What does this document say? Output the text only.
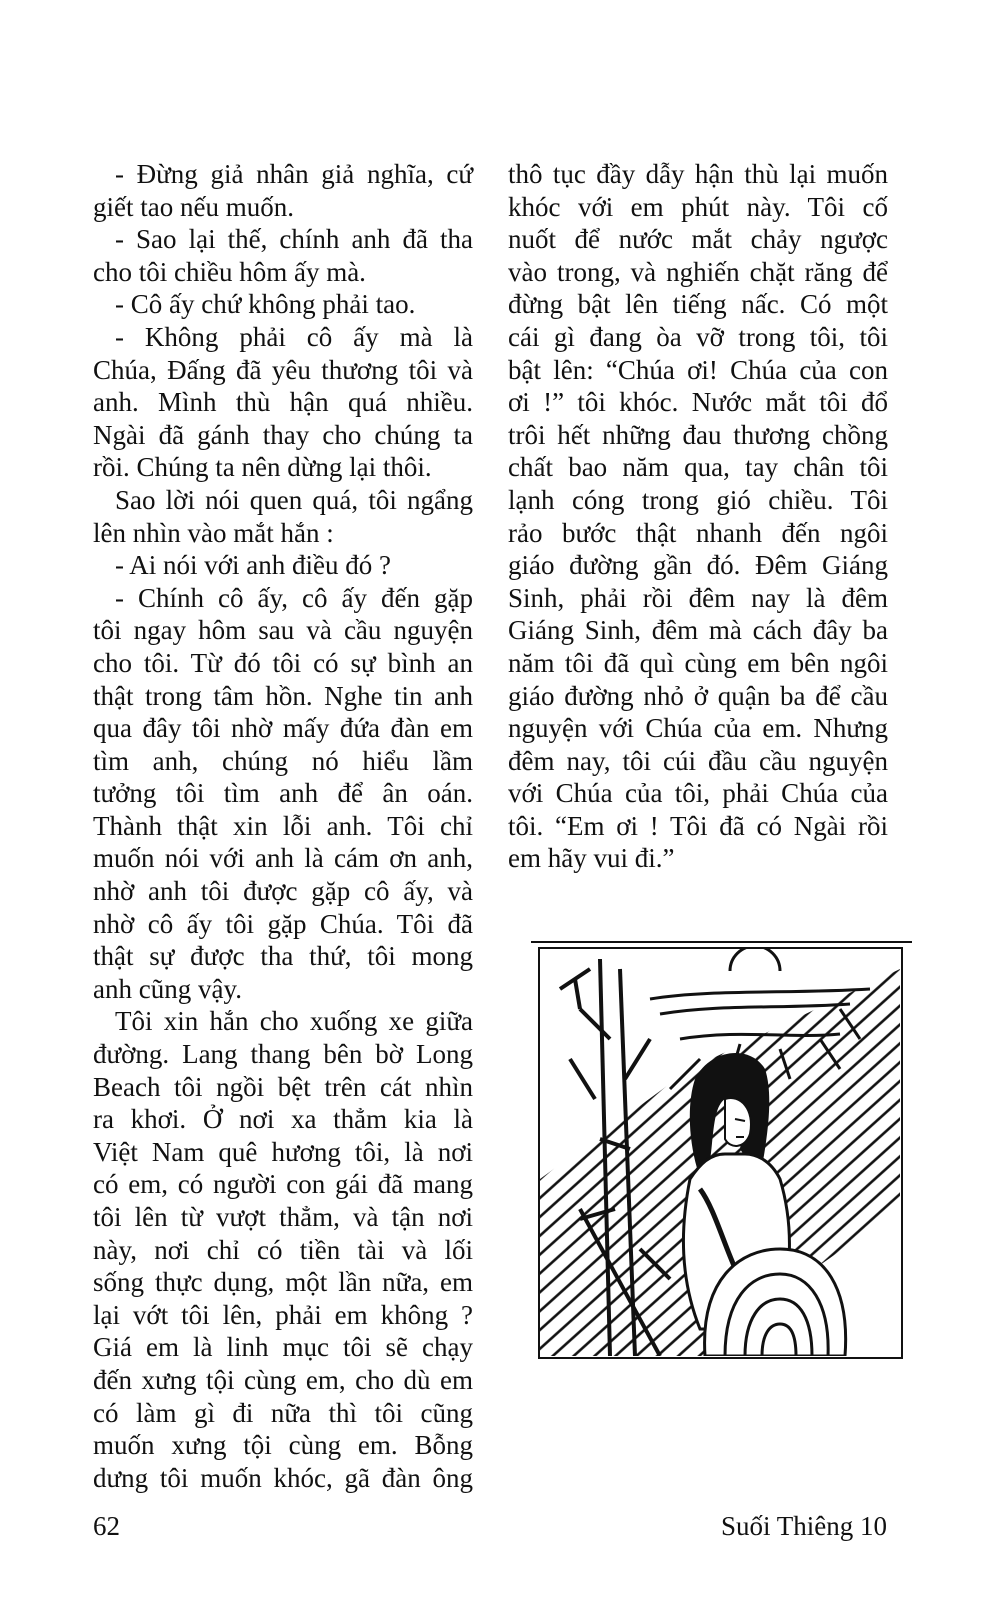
- Đừng giả nhân giả nghĩa, cứ
giết tao nếu muốn.
- Sao lại thế, chính anh đã tha
cho tôi chiều hôm ấy mà.
- Cô ấy chứ không phải tao.
- Không phải cô ấy mà là
Chúa, Đấng đã yêu thương tôi và
anh. Mình thù hận quá nhiều.
Ngài đã gánh thay cho chúng ta
rồi. Chúng ta nên dừng lại thôi.
Sao lời nói quen quá, tôi ngẩng
lên nhìn vào mắt hắn :
- Ai nói với anh điều đó ?
- Chính cô ấy, cô ấy đến gặp
tôi ngay hôm sau và cầu nguyện
cho tôi. Từ đó tôi có sự bình an
thật trong tâm hồn. Nghe tin anh
qua đây tôi nhờ mấy đứa đàn em
tìm anh, chúng nó hiểu lầm
tưởng tôi tìm anh để ân oán.
Thành thật xin lỗi anh. Tôi chỉ
muốn nói với anh là cám ơn anh,
nhờ anh tôi được gặp cô ấy, và
nhờ cô ấy tôi gặp Chúa. Tôi đã
thật sự được tha thứ, tôi mong
anh cũng vậy.
Tôi xin hắn cho xuống xe giữa
đường. Lang thang bên bờ Long
Beach tôi ngồi bệt trên cát nhìn
ra khơi. Ở nơi xa thẳm kia là
Việt Nam quê hương tôi, là nơi
có em, có người con gái đã mang
tôi lên từ vượt thẳm, và tận nơi
này, nơi chỉ có tiền tài và lối
sống thực dụng, một lần nữa, em
lại vớt tôi lên, phải em không ?
Giá em là linh mục tôi sẽ chạy
đến xưng tội cùng em, cho dù em
có làm gì đi nữa thì tôi cũng
muốn xưng tội cùng em. Bỗng
dưng tôi muốn khóc, gã đàn ông
thô tục đầy dẫy hận thù lại muốn
khóc với em phút này. Tôi cố
nuốt để nước mắt chảy ngược
vào trong, và nghiến chặt răng để
đừng bật lên tiếng nấc. Có một
cái gì đang òa vỡ trong tôi, tôi
bật lên: “Chúa ơi! Chúa của con
ơi !” tôi khóc. Nước mắt tôi đổ
trôi hết những đau thương chồng
chất bao năm qua, tay chân tôi
lạnh cóng trong gió chiều. Tôi
rảo bước thật nhanh đến ngôi
giáo đường gần đó. Đêm Giáng
Sinh, phải rồi đêm nay là đêm
Giáng Sinh, đêm mà cách đây ba
năm tôi đã quì cùng em bên ngôi
giáo đường nhỏ ở quận ba để cầu
nguyện với Chúa của em. Nhưng
đêm nay, tôi cúi đầu cầu nguyện
với Chúa của tôi, phải Chúa của
tôi. “Em ơi ! Tôi đã có Ngài rồi
em hãy vui đi.”
62	Suối Thiêng 10
